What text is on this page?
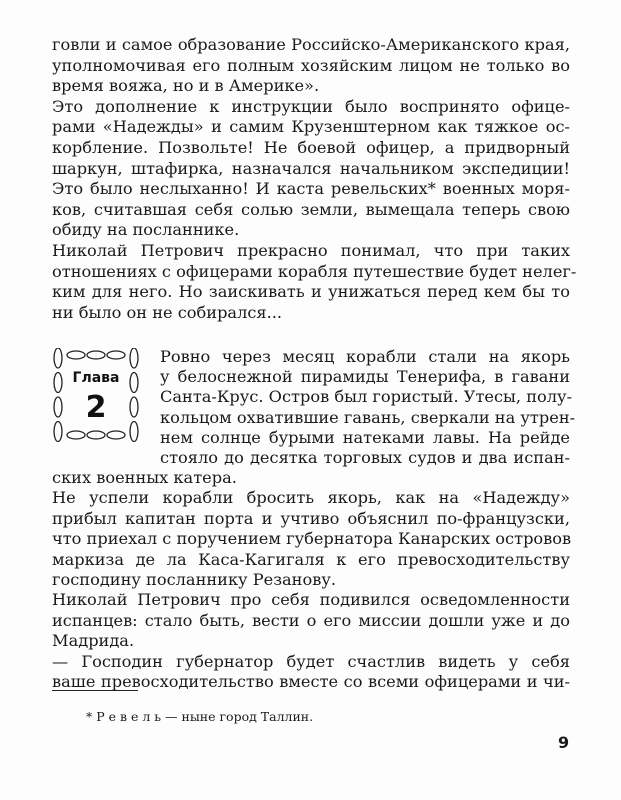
говли и самое образование Российско-Американского края,
уполномочивая его полным хозяйским лицом не только во
время вояжа, но и в Америке».
Это дополнение к инструкции было воспринято офице-
рами «Надежды» и самим Крузенштерном как тяжкое ос-
корбление. Позвольте! Не боевой офицер, а придворный
шаркун, штафирка, назначался начальником экспедиции!
Это было неслыханно! И каста ревельских* военных моря-
ков, считавшая себя солью земли, вымещала теперь свою
обиду на посланнике.
Николай Петрович прекрасно понимал, что при таких
отношениях с офицерами корабля путешествие будет нелег-
ким для него. Но заискивать и унижаться перед кем бы то
ни было он не собирался...
Глава
2
Ровно через месяц корабли стали на якорь
у белоснежной пирамиды Тенерифа, в гавани
Санта-Крус. Остров был гористый. Утесы, полу-
кольцом охватившие гавань, сверкали на утрен-
нем солнце бурыми натеками лавы. На рейде
стояло до десятка торговых судов и два испан-
ских военных катера.
Не успели корабли бросить якорь, как на «Надежду»
прибыл капитан порта и учтиво объяснил по-французски,
что приехал с поручением губернатора Канарских островов
маркиза де ла Каса-Кагигаля к его превосходительству
господину посланнику Резанову.
Николай Петрович про себя подивился осведомленности
испанцев: стало быть, вести о его миссии дошли уже и до
Мадрида.
— Господин губернатор будет счастлив видеть у себя
ваше превосходительство вместе со всеми офицерами и чи-
* Р е в е л ь — ныне город Таллин.
9
